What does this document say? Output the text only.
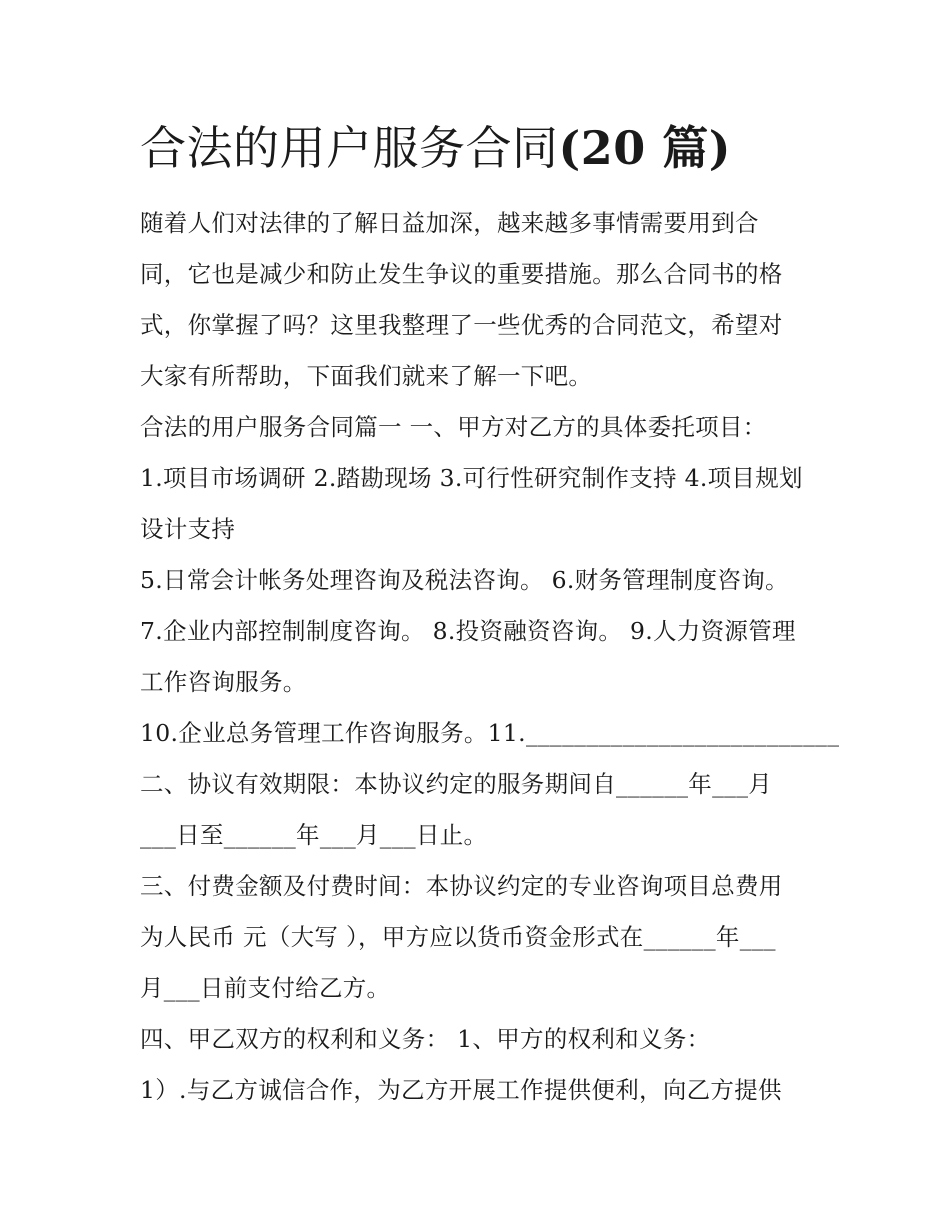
合法的用户服务合同(20 篇)

随着人们对法律的了解日益加深，越来越多事情需要用到合

同，它也是减少和防止发生争议的重要措施。那么合同书的格

式，你掌握了吗？这里我整理了一些优秀的合同范文，希望对

大家有所帮助，下面我们就来了解一下吧。

合法的用户服务合同篇一 一、甲方对乙方的具体委托项目：

1.项目市场调研 2.踏勘现场 3.可行性研究制作支持 4.项目规划

设计支持

5.日常会计帐务处理咨询及税法咨询。 6.财务管理制度咨询。

7.企业内部控制制度咨询。 8.投资融资咨询。 9.人力资源管理

工作咨询服务。

10.企业总务管理工作咨询服务。11.__________________________

二、协议有效期限：本协议约定的服务期间自______年___月

___日至______年___月___日止。

三、付费金额及付费时间：本协议约定的专业咨询项目总费用

为人民币 元（大写 ），甲方应以货币资金形式在______年___

月___日前支付给乙方。

四、甲乙双方的权利和义务： 1、甲方的权利和义务：

1）.与乙方诚信合作，为乙方开展工作提供便利，向乙方提供
